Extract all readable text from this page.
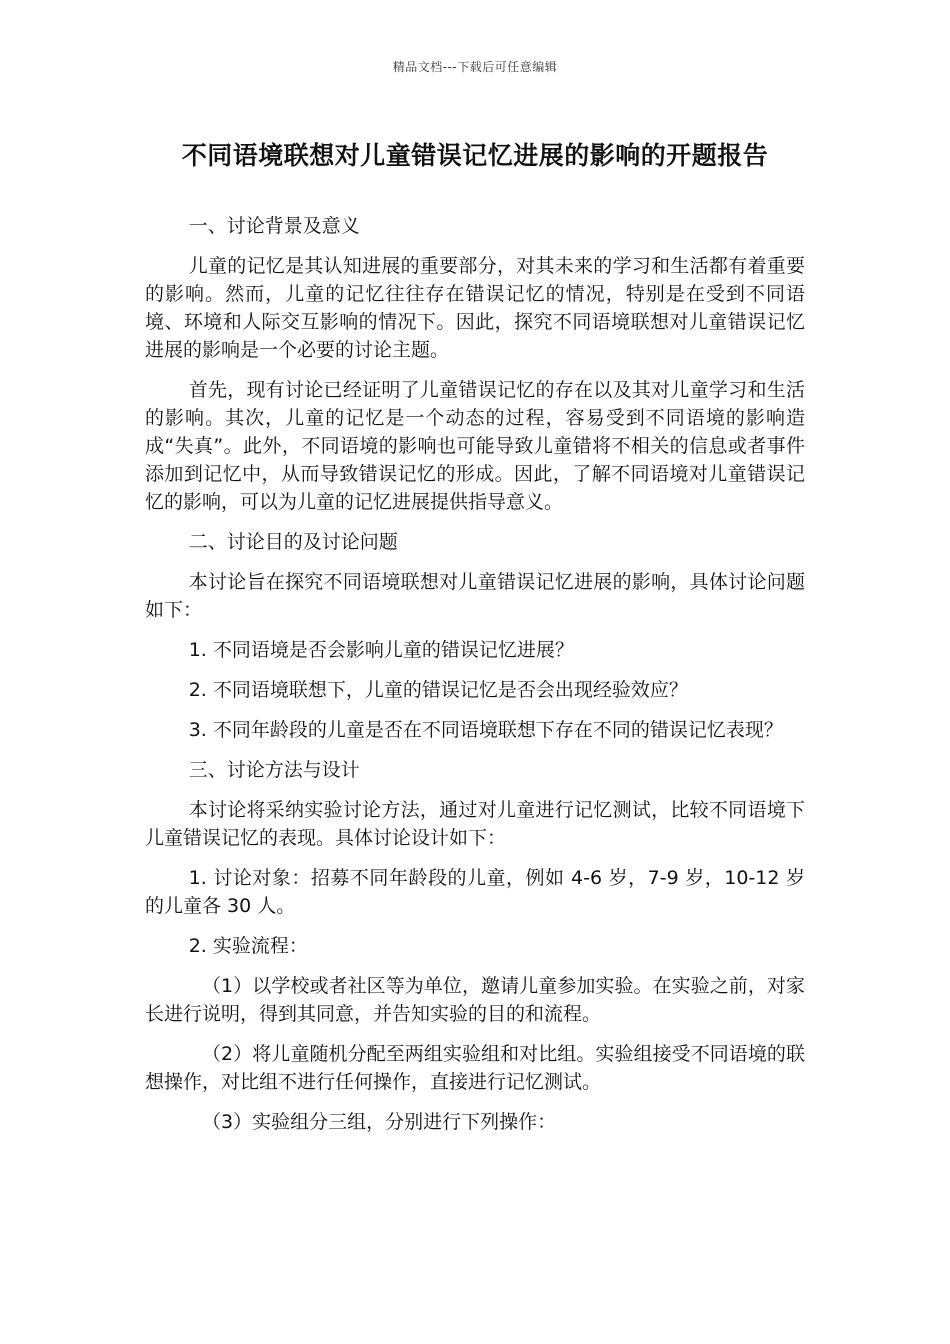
精品文档---下载后可任意编辑
不同语境联想对儿童错误记忆进展的影响的开题报告

一、讨论背景及意义

儿童的记忆是其认知进展的重要部分，对其未来的学习和生活都有着重要的影响。然而，儿童的记忆往往存在错误记忆的情况，特别是在受到不同语境、环境和人际交互影响的情况下。因此，探究不同语境联想对儿童错误记忆进展的影响是一个必要的讨论主题。

首先，现有讨论已经证明了儿童错误记忆的存在以及其对儿童学习和生活的影响。其次，儿童的记忆是一个动态的过程，容易受到不同语境的影响造成“失真”。此外，不同语境的影响也可能导致儿童错将不相关的信息或者事件添加到记忆中，从而导致错误记忆的形成。因此，了解不同语境对儿童错误记忆的影响，可以为儿童的记忆进展提供指导意义。

二、讨论目的及讨论问题

本讨论旨在探究不同语境联想对儿童错误记忆进展的影响，具体讨论问题如下：

1. 不同语境是否会影响儿童的错误记忆进展？

2. 不同语境联想下，儿童的错误记忆是否会出现经验效应？

3. 不同年龄段的儿童是否在不同语境联想下存在不同的错误记忆表现？

三、讨论方法与设计

本讨论将采纳实验讨论方法，通过对儿童进行记忆测试，比较不同语境下儿童错误记忆的表现。具体讨论设计如下：

1. 讨论对象：招募不同年龄段的儿童，例如 4-6 岁，7-9 岁，10-12 岁的儿童各 30 人。

2. 实验流程：

（1）以学校或者社区等为单位，邀请儿童参加实验。在实验之前，对家长进行说明，得到其同意，并告知实验的目的和流程。

（2）将儿童随机分配至两组实验组和对比组。实验组接受不同语境的联想操作，对比组不进行任何操作，直接进行记忆测试。

（3）实验组分三组，分别进行下列操作：
